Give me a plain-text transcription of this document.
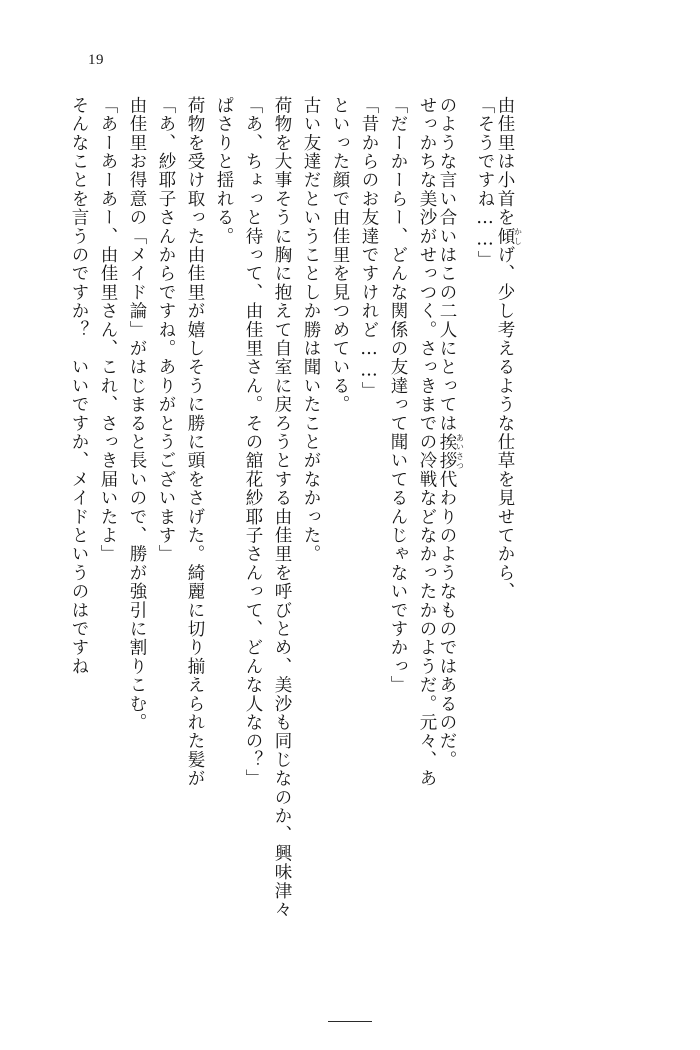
19
そんなことを言うのですか？　いいですか、メイドというのはですね 「あーあーあー、由佳里さん、これ、さっき届いたよ」 由佳里お得意の「メイド論」がはじまると長いので、勝が強引に割りこむ。 「あ、紗耶子さんからですね。ありがとうございます」 荷物を受け取った由佳里が嬉しそうに勝に頭をさげた。綺麗に切り揃えられた髪が ぱさりと揺れる。 「あ、ちょっと待って、由佳里さん。その舘花紗耶子さんって、どんな人なの？」 荷物を大事そうに胸に抱えて自室に戻ろうとする由佳里を呼びとめ、美沙も同じなのか、興味津々 古い友達だということしか勝は聞いたことがなかった。 といった顔で由佳里を見つめている。 「昔からのお友達ですけれど……」 「だーかーらー、どんな関係の友達って聞いてるんじゃないですかっ」 せっかちな美沙がせっつく。さっきまでの冷戦などなかったかのようだ。元々、あ のような言い合いはこの二人にとっては挨拶あいさつ代わりのようなものではあるのだ。
「そうですね……」 由佳里は小首を傾かしげ、少し考えるような仕草を見せてから、
